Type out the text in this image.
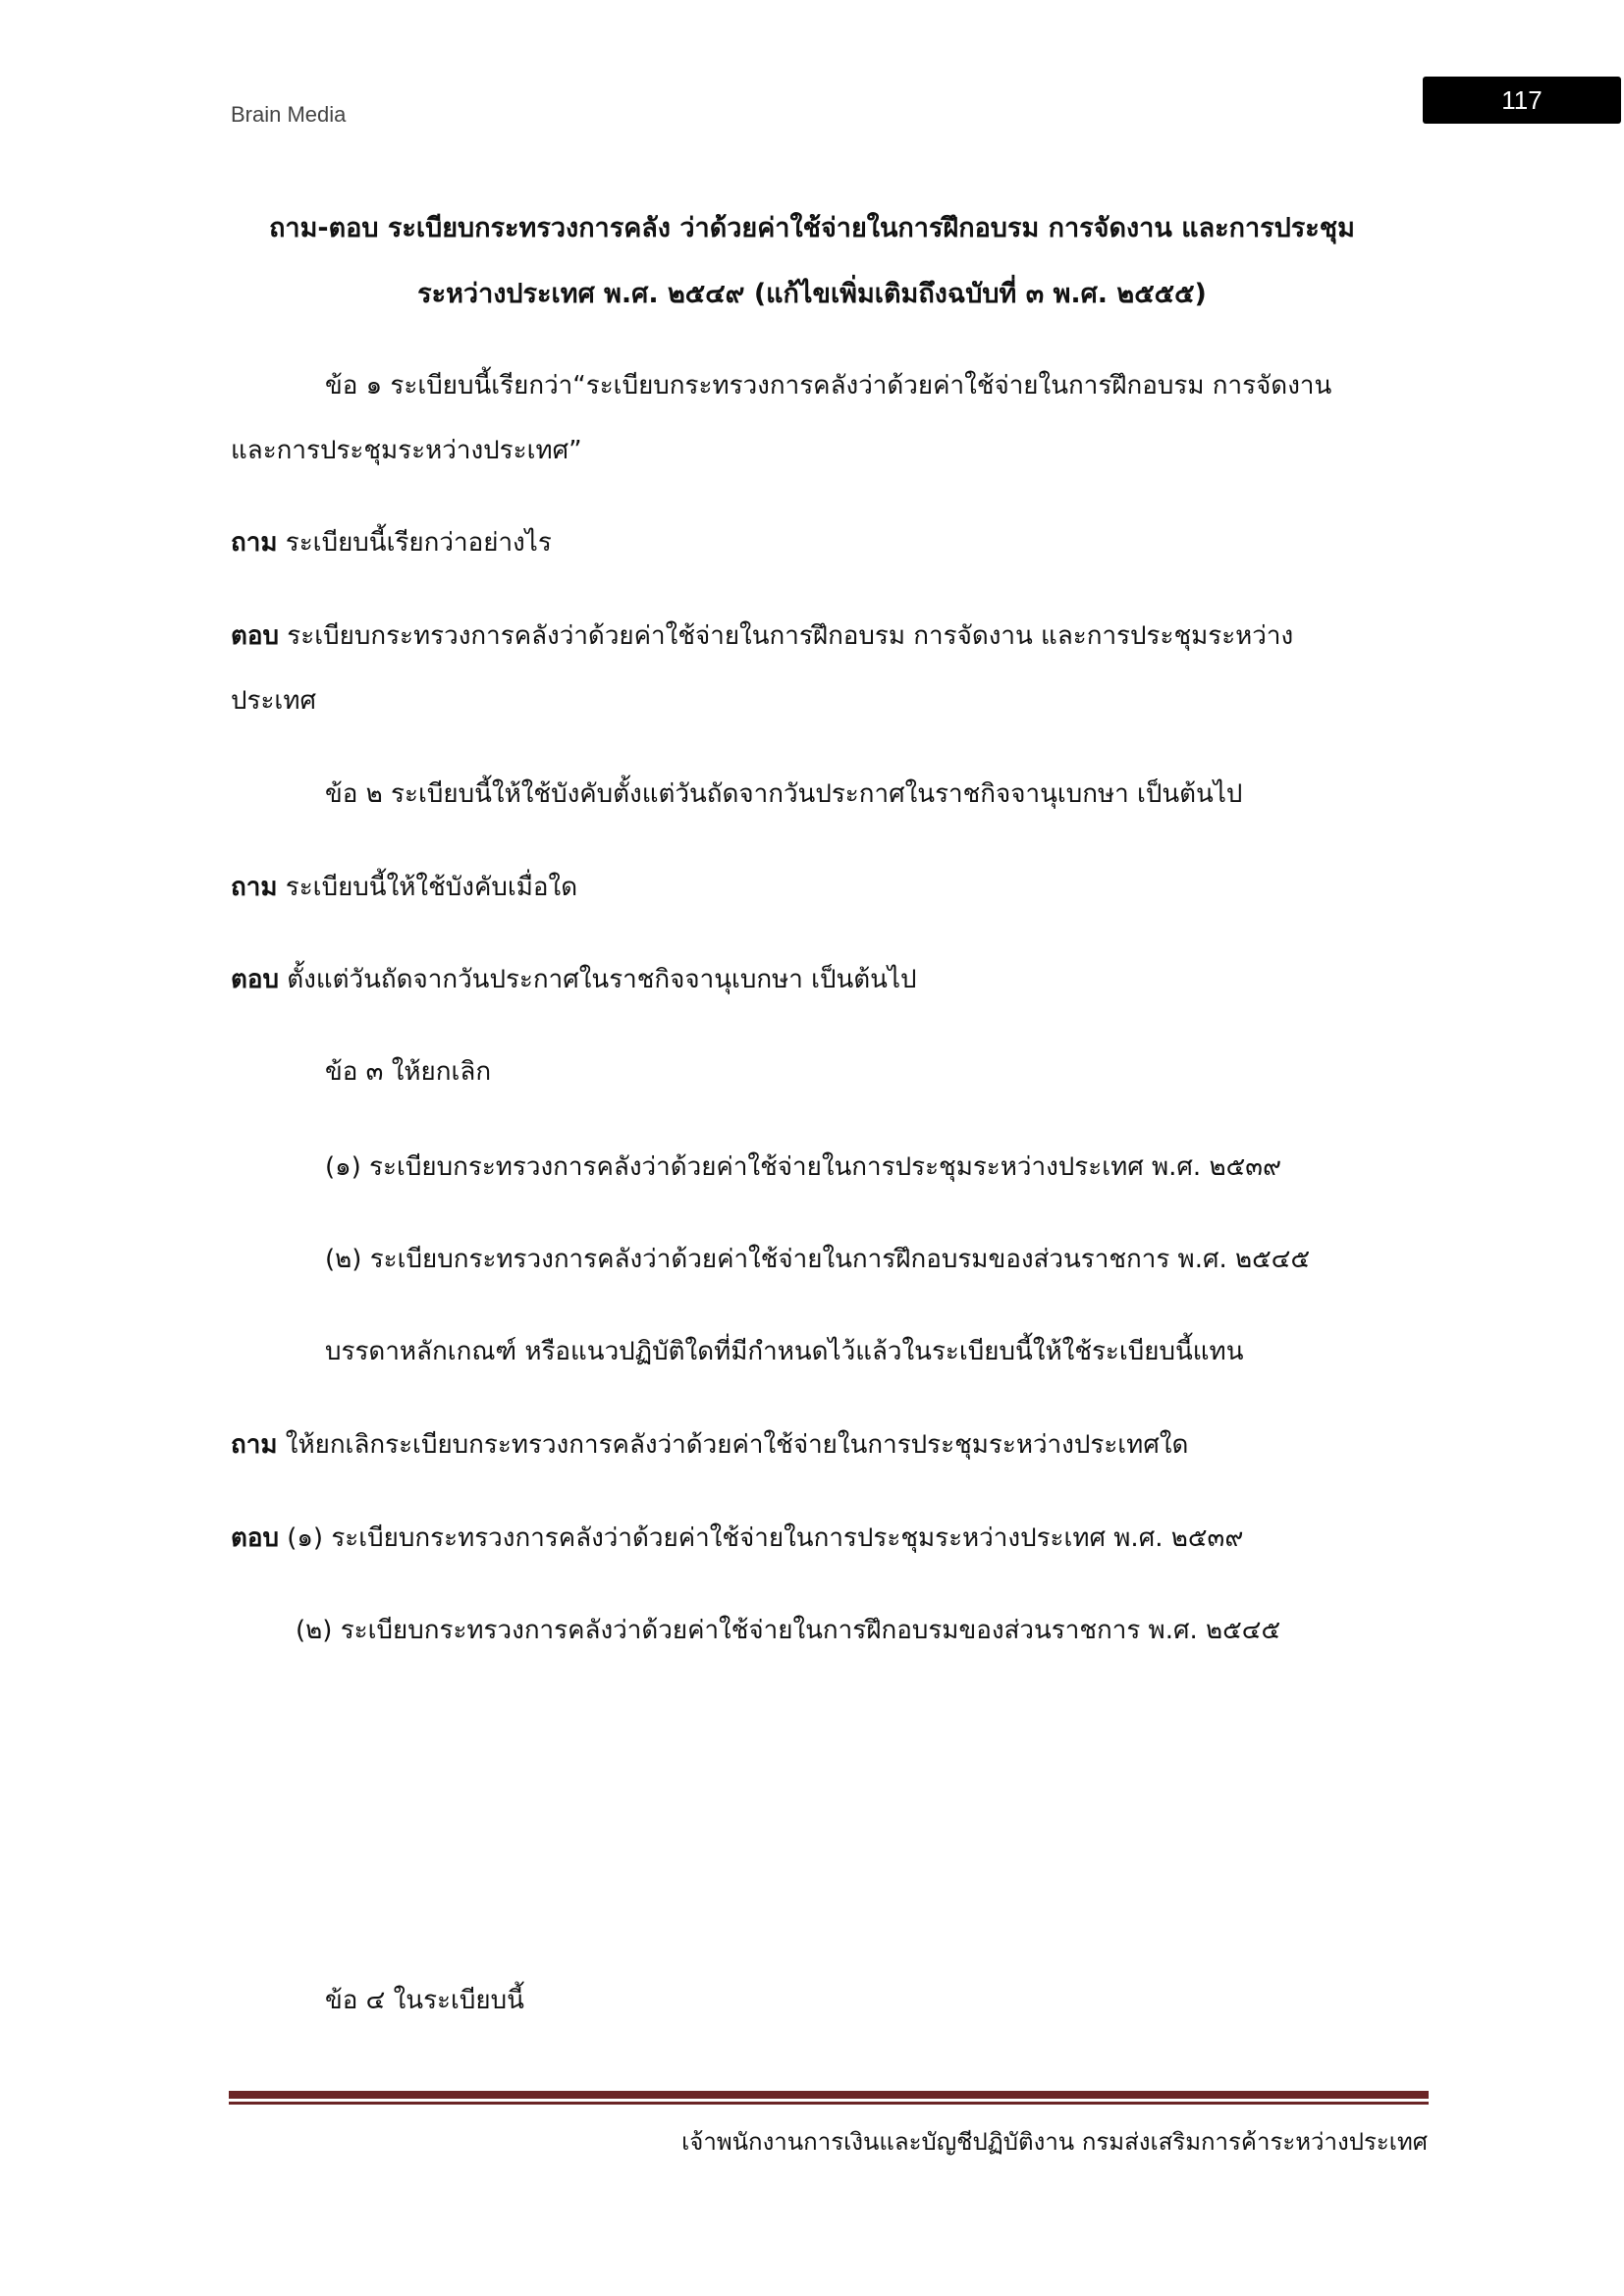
Brain Media	117
ถาม-ตอบ ระเบียบกระทรวงการคลัง ว่าด้วยค่าใช้จ่ายในการฝึกอบรม การจัดงาน และการประชุม
ระหว่างประเทศ พ.ศ. ๒๕๔๙ (แก้ไขเพิ่มเติมถึงฉบับที่ ๓ พ.ศ. ๒๕๕๕)
ข้อ ๑ ระเบียบนี้เรียกว่า“ระเบียบกระทรวงการคลังว่าด้วยค่าใช้จ่ายในการฝึกอบรม การจัดงาน
และการประชุมระหว่างประเทศ”
ถาม ระเบียบนี้เรียกว่าอย่างไร
ตอบ ระเบียบกระทรวงการคลังว่าด้วยค่าใช้จ่ายในการฝึกอบรม การจัดงาน และการประชุมระหว่าง
ประเทศ
ข้อ ๒ ระเบียบนี้ให้ใช้บังคับตั้งแต่วันถัดจากวันประกาศในราชกิจจานุเบกษา เป็นต้นไป
ถาม ระเบียบนี้ให้ใช้บังคับเมื่อใด
ตอบ ตั้งแต่วันถัดจากวันประกาศในราชกิจจานุเบกษา เป็นต้นไป
ข้อ ๓ ให้ยกเลิก
(๑) ระเบียบกระทรวงการคลังว่าด้วยค่าใช้จ่ายในการประชุมระหว่างประเทศ พ.ศ. ๒๕๓๙
(๒) ระเบียบกระทรวงการคลังว่าด้วยค่าใช้จ่ายในการฝึกอบรมของส่วนราชการ พ.ศ. ๒๕๔๕
บรรดาหลักเกณฑ์ หรือแนวปฏิบัติใดที่มีกำหนดไว้แล้วในระเบียบนี้ให้ใช้ระเบียบนี้แทน
ถาม ให้ยกเลิกระเบียบกระทรวงการคลังว่าด้วยค่าใช้จ่ายในการประชุมระหว่างประเทศใด
ตอบ (๑) ระเบียบกระทรวงการคลังว่าด้วยค่าใช้จ่ายในการประชุมระหว่างประเทศ พ.ศ. ๒๕๓๙
(๒) ระเบียบกระทรวงการคลังว่าด้วยค่าใช้จ่ายในการฝึกอบรมของส่วนราชการ พ.ศ. ๒๕๔๕
ข้อ ๔ ในระเบียบนี้
เจ้าพนักงานการเงินและบัญชีปฏิบัติงาน กรมส่งเสริมการค้าระหว่างประเทศ
